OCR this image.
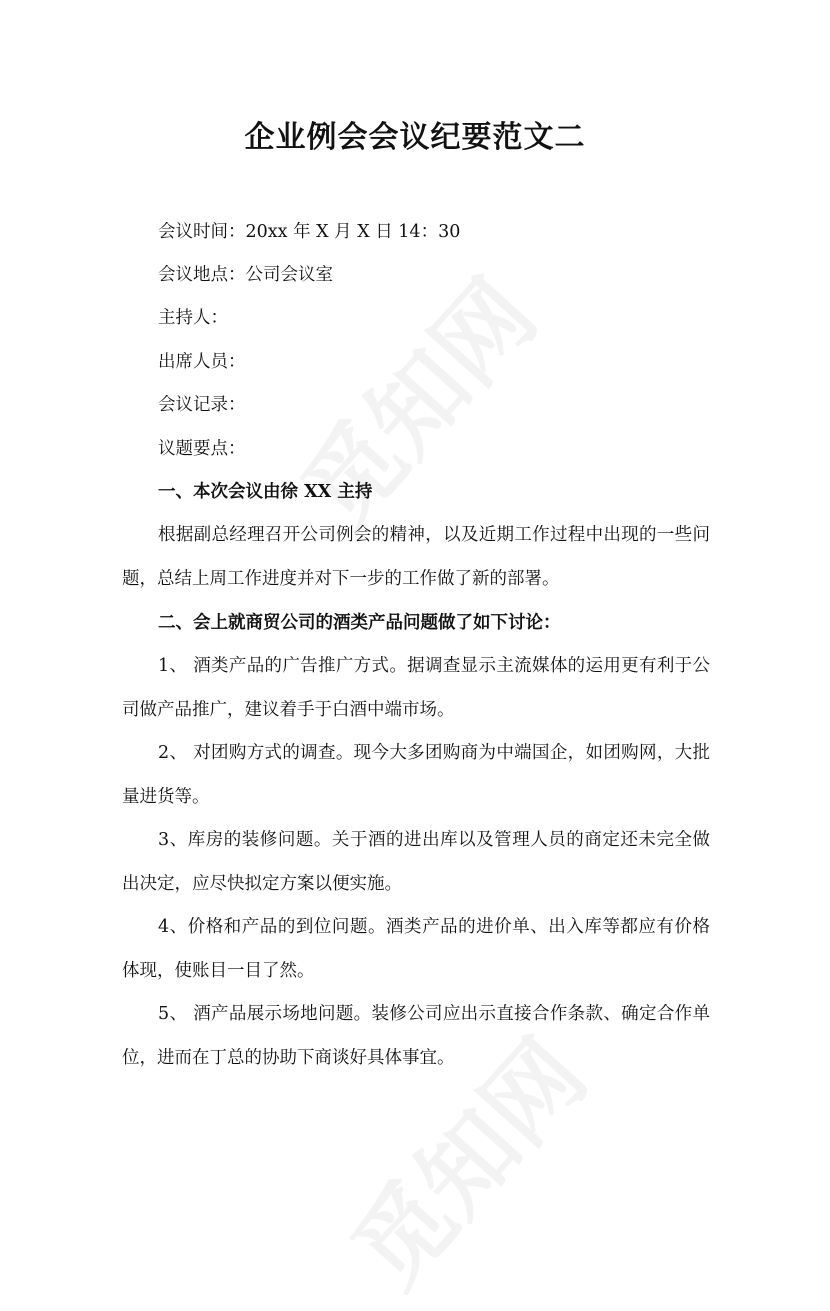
企业例会会议纪要范文二
会议时间：20xx 年 X 月 X 日 14：30
会议地点：公司会议室
主持人：
出席人员：
会议记录：
议题要点：
一、本次会议由徐 XX 主持

根据副总经理召开公司例会的精神，以及近期工作过程中出现的一些问题，总结上周工作进度并对下一步的工作做了新的部署。

二、会上就商贸公司的酒类产品问题做了如下讨论：

1、 酒类产品的广告推广方式。据调查显示主流媒体的运用更有利于公司做产品推广，建议着手于白酒中端市场。

2、 对团购方式的调查。现今大多团购商为中端国企，如团购网，大批量进货等。

3、库房的装修问题。关于酒的进出库以及管理人员的商定还未完全做出决定，应尽快拟定方案以便实施。

4、价格和产品的到位问题。酒类产品的进价单、出入库等都应有价格体现，使账目一目了然。

5、 酒产品展示场地问题。装修公司应出示直接合作条款、确定合作单位，进而在丁总的协助下商谈好具体事宜。
